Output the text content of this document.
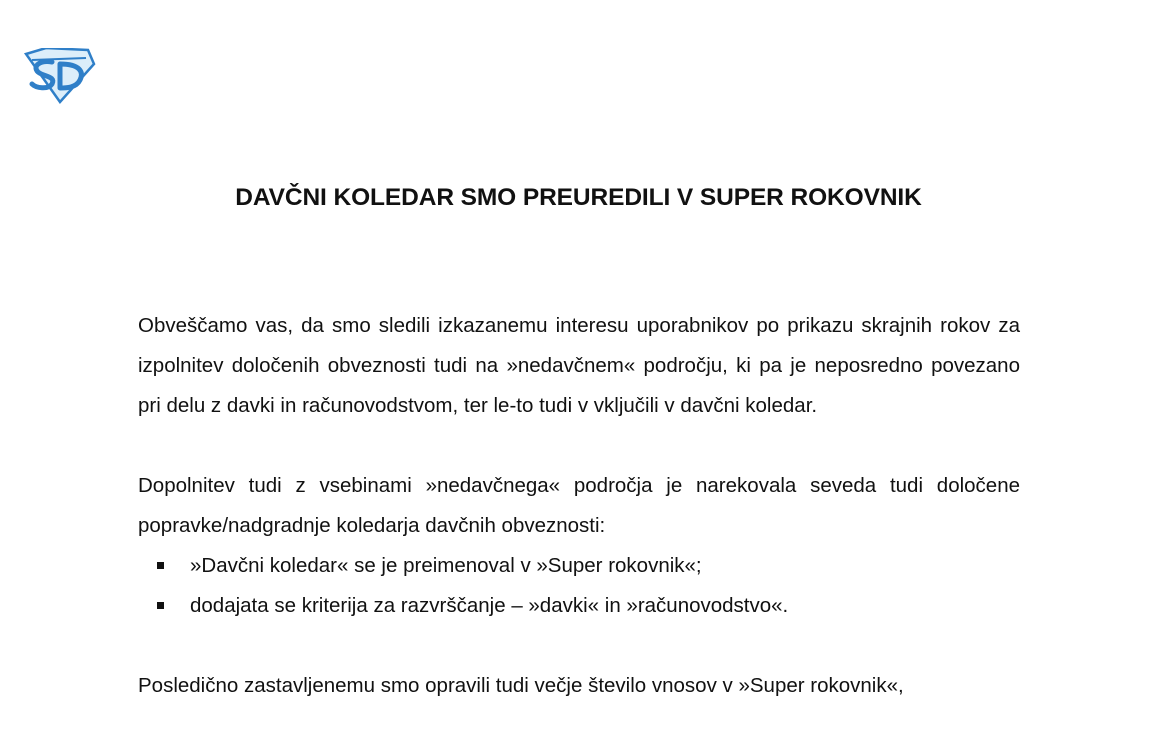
DAVČNI KOLEDAR SMO PREUREDILI V SUPER ROKOVNIK

Obveščamo vas, da smo sledili izkazanemu interesu uporabnikov po prikazu skrajnih rokov za izpolnitev določenih obveznosti tudi na »nedavčnem« področju, ki pa je neposredno povezano pri delu z davki in računovodstvom, ter le-to tudi v vključili v davčni koledar.

Dopolnitev tudi z vsebinami »nedavčnega« področja je narekovala seveda tudi določene popravke/nadgradnje koledarja davčnih obveznosti:

»Davčni koledar« se je preimenoval v »Super rokovnik«;
dodajata se kriterija za razvrščanje – »davki« in »računovodstvo«.

Posledično zastavljenemu smo opravili tudi večje število vnosov v »Super rokovnik«,
